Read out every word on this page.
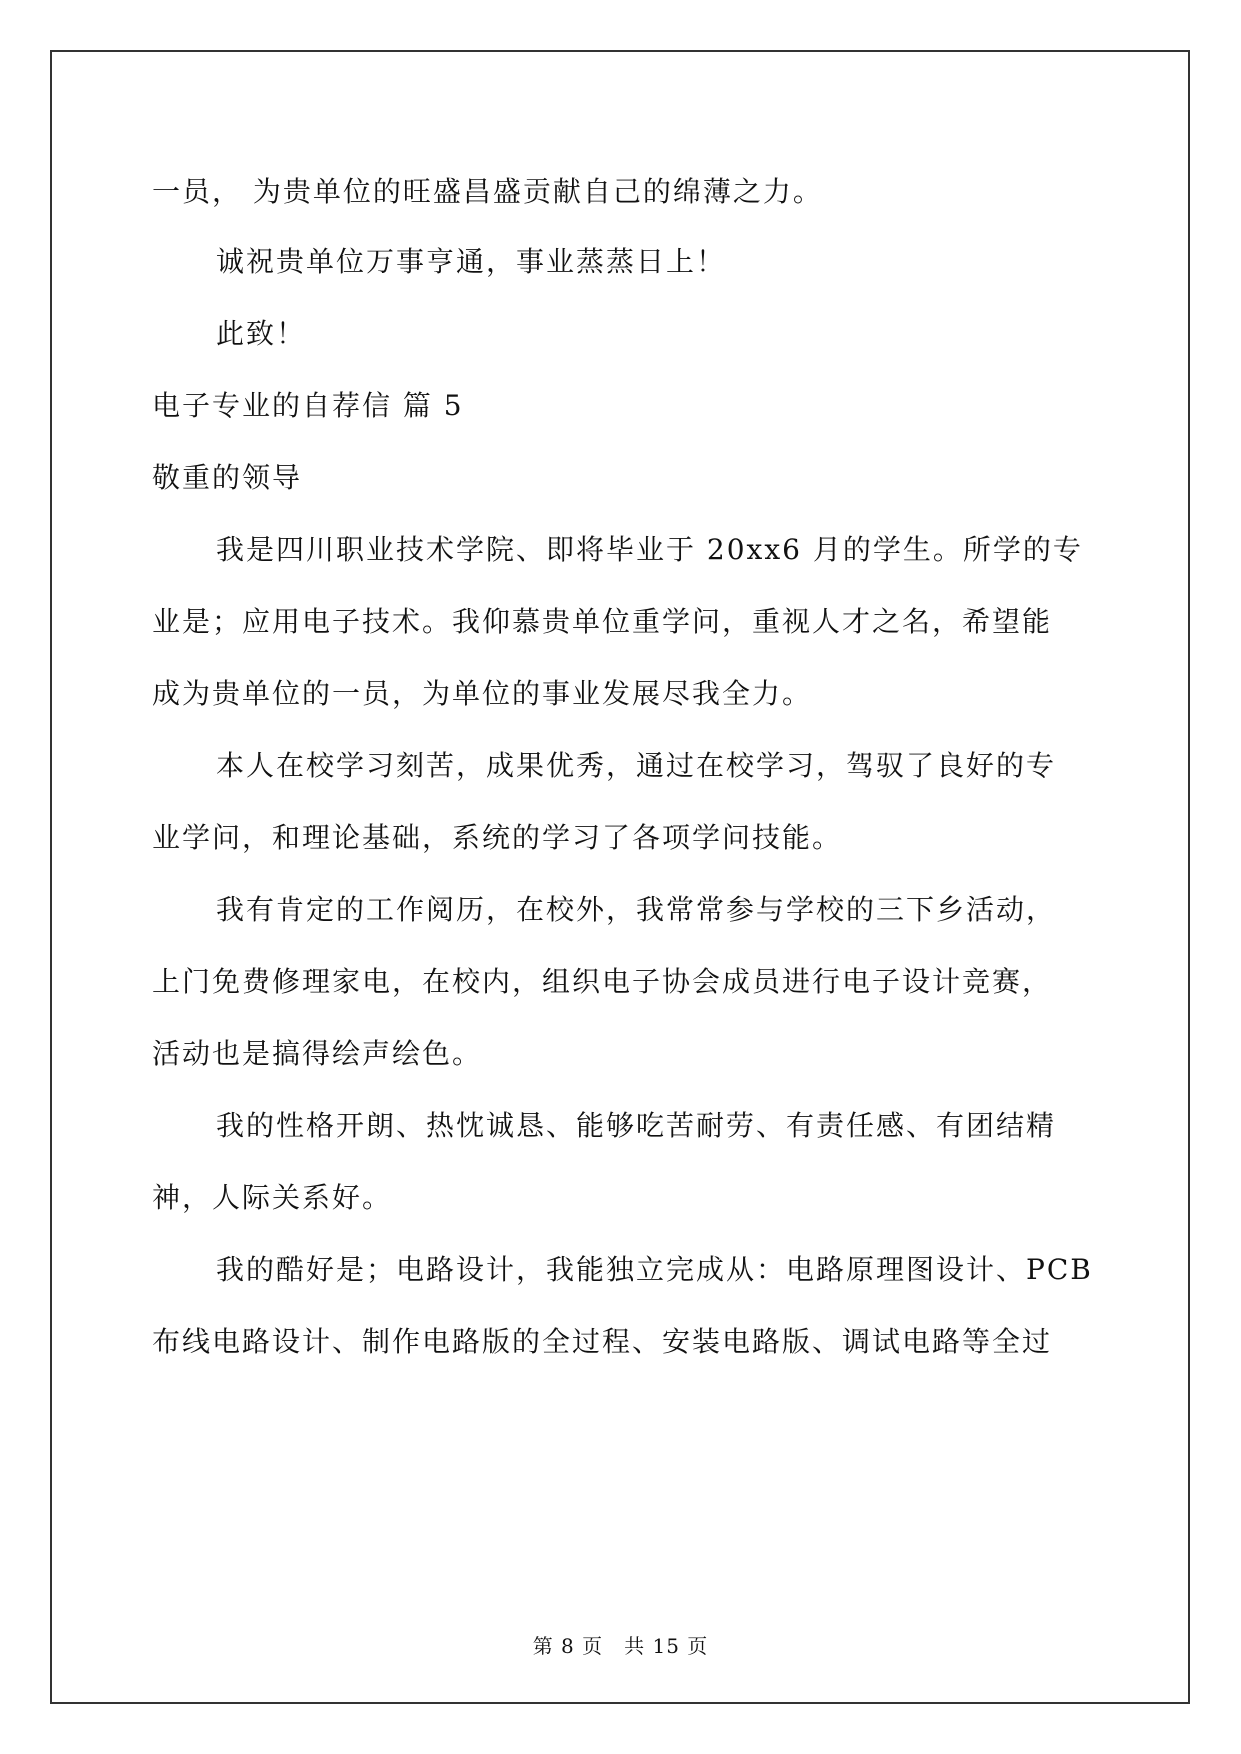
一员， 为贵单位的旺盛昌盛贡献自己的绵薄之力。
诚祝贵单位万事亨通，事业蒸蒸日上！
此致！
电子专业的自荐信 篇 5
敬重的领导
我是四川职业技术学院、即将毕业于 20xx6 月的学生。所学的专
业是；应用电子技术。我仰慕贵单位重学问，重视人才之名，希望能
成为贵单位的一员，为单位的事业发展尽我全力。
本人在校学习刻苦，成果优秀，通过在校学习，驾驭了良好的专
业学问，和理论基础，系统的学习了各项学问技能。
我有肯定的工作阅历，在校外，我常常参与学校的三下乡活动，
上门免费修理家电，在校内，组织电子协会成员进行电子设计竞赛，
活动也是搞得绘声绘色。
我的性格开朗、热忱诚恳、能够吃苦耐劳、有责任感、有团结精
神，人际关系好。
我的酷好是；电路设计，我能独立完成从：电路原理图设计、PCB
布线电路设计、制作电路版的全过程、安装电路版、调试电路等全过
第 8 页　共 15 页
